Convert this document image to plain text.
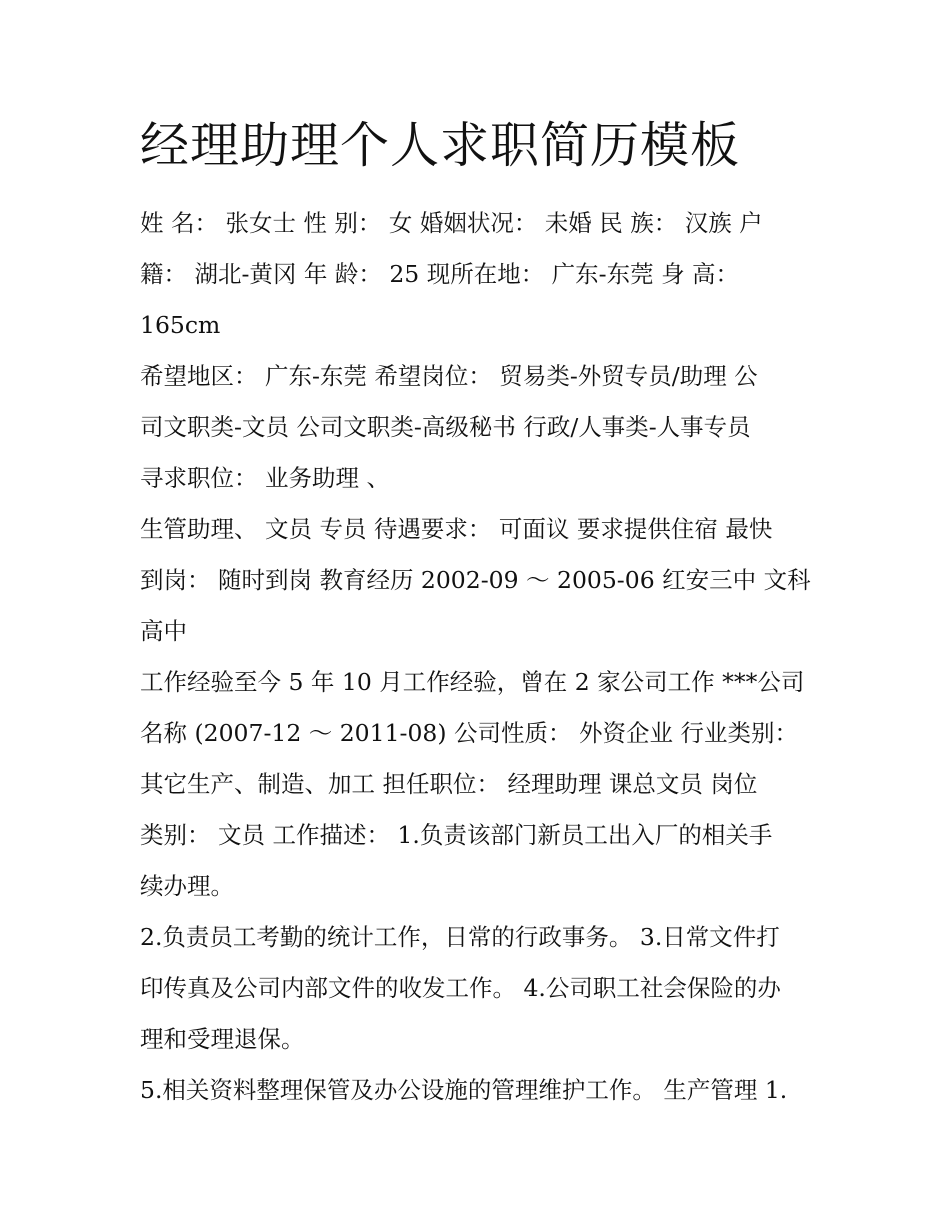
经理助理个人求职简历模板

姓 名： 张女士 性 别： 女 婚姻状况： 未婚 民 族： 汉族 户

籍： 湖北-黄冈 年 龄： 25 现所在地： 广东-东莞 身 高：

165cm

希望地区： 广东-东莞 希望岗位： 贸易类-外贸专员/助理 公

司文职类-文员 公司文职类-高级秘书 行政/人事类-人事专员

寻求职位： 业务助理 、

生管助理、 文员 专员 待遇要求： 可面议 要求提供住宿 最快

到岗： 随时到岗 教育经历 2002-09 ～ 2005-06 红安三中 文科

高中

工作经验至今 5 年 10 月工作经验，曾在 2 家公司工作 ***公司

名称 (2007-12 ～ 2011-08) 公司性质： 外资企业 行业类别：

其它生产、制造、加工 担任职位： 经理助理 课总文员 岗位

类别： 文员 工作描述： 1.负责该部门新员工出入厂的相关手

续办理。

2.负责员工考勤的统计工作，日常的行政事务。 3.日常文件打

印传真及公司内部文件的收发工作。 4.公司职工社会保险的办

理和受理退保。

5.相关资料整理保管及办公设施的管理维护工作。 生产管理 1.
